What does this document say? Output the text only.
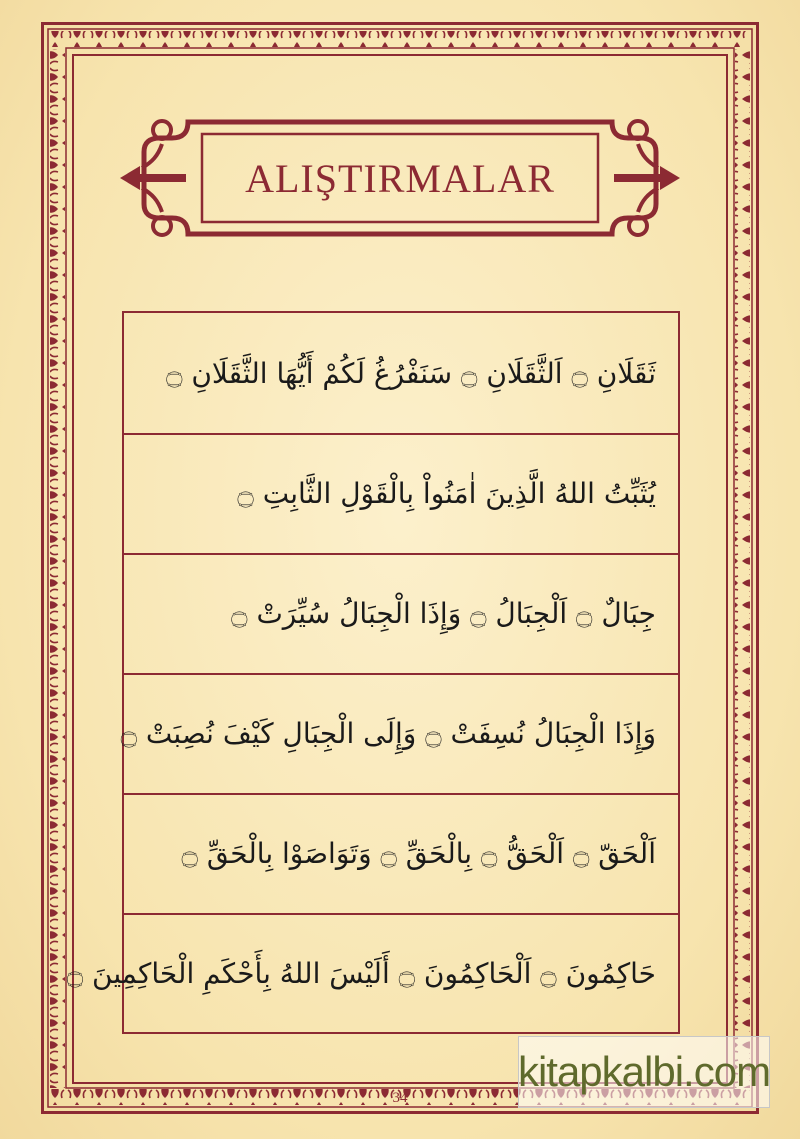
ALIŞTIRMALAR
ثَقَلَانِ ۝ اَلثَّقَلَانِ ۝ سَنَفْرُغُ لَكُمْ أَيُّهَا الثَّقَلَانِ ۝
يُثَبِّتُ اللهُ الَّذِينَ اٰمَنُواْ بِالْقَوْلِ الثَّابِتِ ۝
جِبَالٌ ۝ اَلْجِبَالُ ۝ وَإِذَا الْجِبَالُ سُيِّرَتْ ۝
وَإِذَا الْجِبَالُ نُسِفَتْ ۝ وَإِلَى الْجِبَالِ كَيْفَ نُصِبَتْ ۝
اَلْحَقّ ۝ اَلْحَقُّ ۝ بِالْحَقِّ ۝ وَتَوَاصَوْا بِالْحَقِّ ۝
حَاكِمُونَ ۝ اَلْحَاكِمُونَ ۝ أَلَيْسَ اللهُ بِأَحْكَمِ الْحَاكِمِينَ ۝
34
kitapkalbi.com
